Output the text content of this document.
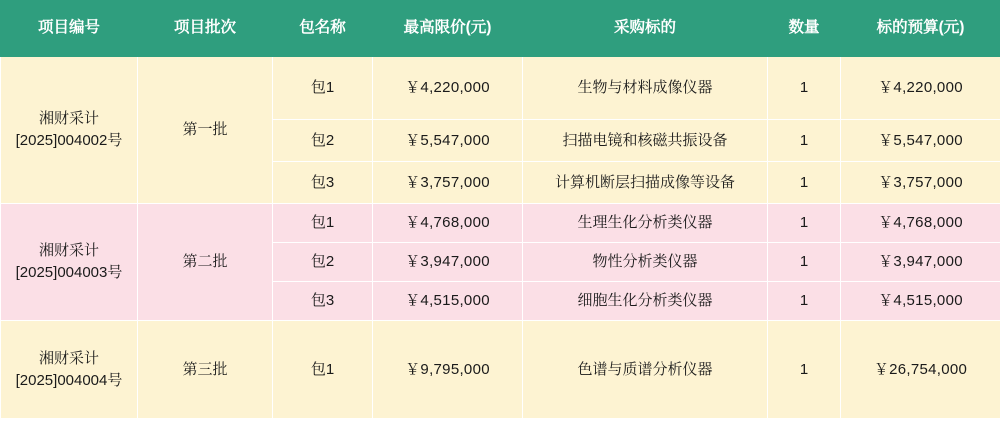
项目编号	项目批次	包名称	最高限价(元)	采购标的	数量	标的预算(元)
湘财采计[2025]004002号	第一批	包1	￥4,220,000	生物与材料成像仪器	1	￥4,220,000
		包2	￥5,547,000	扫描电镜和核磁共振设备	1	￥5,547,000
		包3	￥3,757,000	计算机断层扫描成像等设备	1	￥3,757,000
湘财采计[2025]004003号	第二批	包1	￥4,768,000	生理生化分析类仪器	1	￥4,768,000
		包2	￥3,947,000	物性分析类仪器	1	￥3,947,000
		包3	￥4,515,000	细胞生化分析类仪器	1	￥4,515,000
湘财采计[2025]004004号	第三批	包1	￥9,795,000	色谱与质谱分析仪器	1	￥26,754,000
